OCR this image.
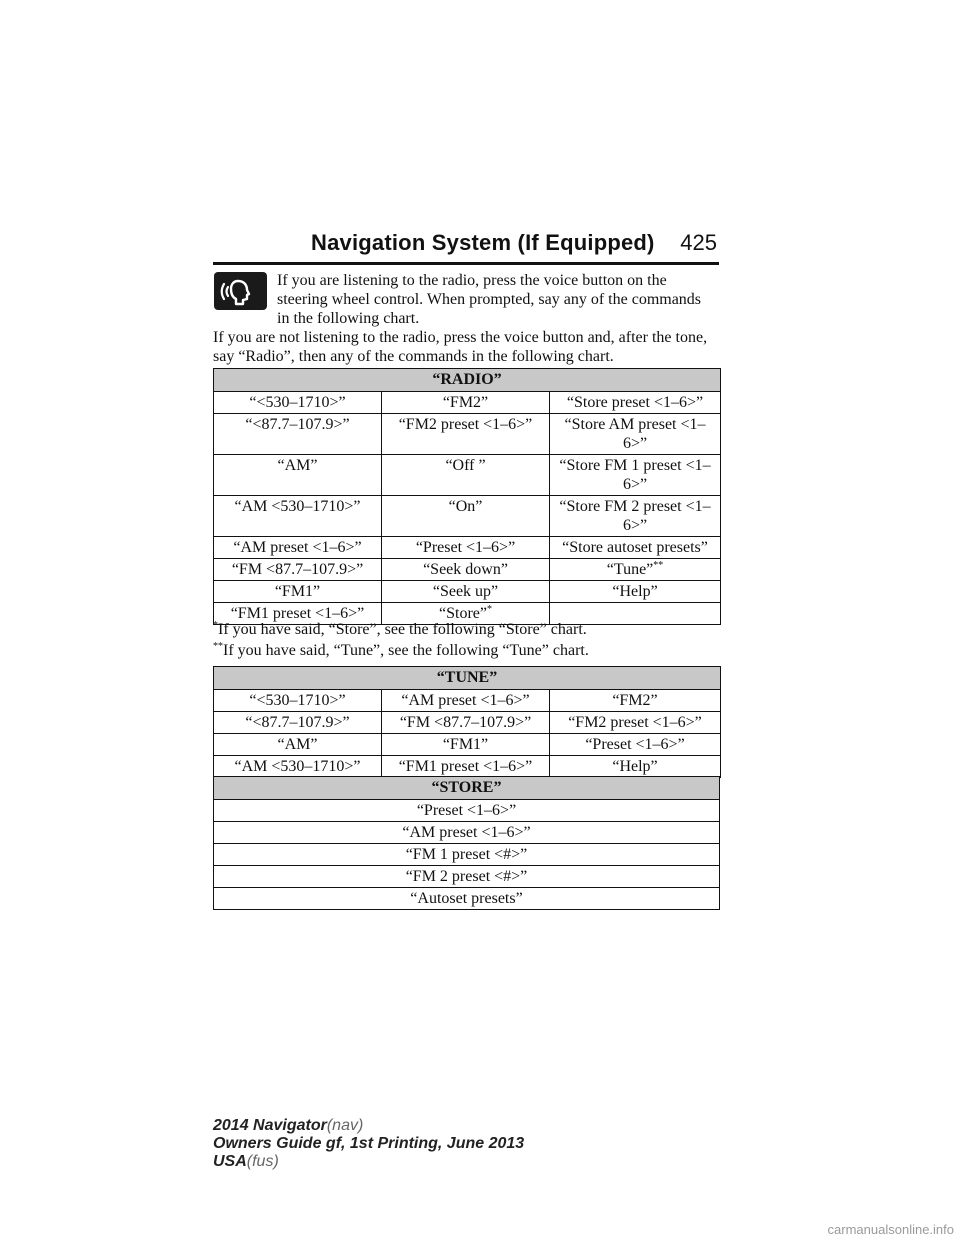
Navigation System (If Equipped) 425

If you are listening to the radio, press the voice button on the steering wheel control. When prompted, say any of the commands in the following chart.

If you are not listening to the radio, press the voice button and, after the tone, say “Radio”, then any of the commands in the following chart.

“RADIO”		
“<530–1710>”	“FM2”	“Store preset <1–6>”
“<87.7–107.9>”	“FM2 preset <1–6>”	“Store AM preset <1–6>”
“AM”	“Off ”	“Store FM 1 preset <1–6>”
“AM <530–1710>”	“On”	“Store FM 2 preset <1–6>”
“AM preset <1–6>”	“Preset <1–6>”	“Store autoset presets”
“FM <87.7–107.9>”	“Seek down”	“Tune”**
“FM1”	“Seek up”	“Help”
“FM1 preset <1–6>”	“Store”*	
*If you have said, “Store”, see the following “Store” chart.
**If you have said, “Tune”, see the following “Tune” chart.
“TUNE”		
“<530–1710>”	“AM preset <1–6>”	“FM2”
“<87.7–107.9>”	“FM <87.7–107.9>”	“FM2 preset <1–6>”
“AM”	“FM1”	“Preset <1–6>”
“AM <530–1710>”	“FM1 preset <1–6>”	“Help”
“STORE”
“Preset <1–6>”
“AM preset <1–6>”
“FM 1 preset <#>”
“FM 2 preset <#>”
“Autoset presets”
2014 Navigator(nav)
Owners Guide gf, 1st Printing, June 2013
USA(fus)
carmanualsonline.info
